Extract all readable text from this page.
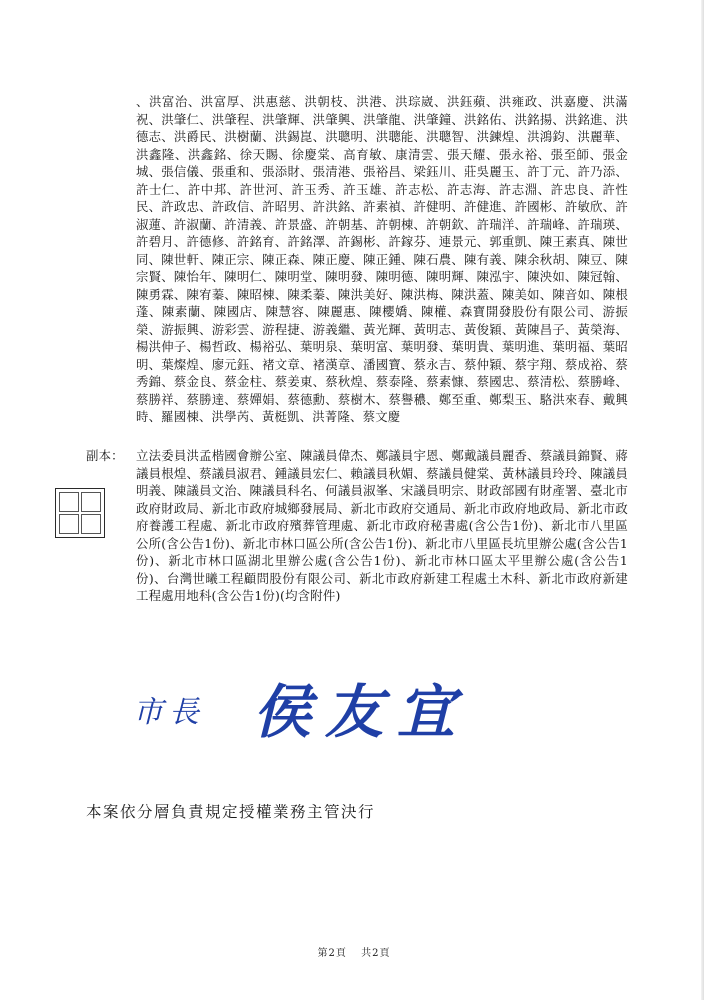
、洪富治、洪富厚、洪惠慈、洪朝枝、洪港、洪琮崴、洪鈺蘋、洪雍政、洪嘉慶、洪滿祝、洪肇仁、洪肇程、洪肇輝、洪肇興、洪肇龍、洪肇鐘、洪銘佑、洪銘揚、洪銘進、洪德志、洪爵民、洪樹蘭、洪錫崑、洪聰明、洪聰能、洪聰智、洪鍊煌、洪鴻鈞、洪麗華、洪鑫隆、洪鑫銘、徐天賜、徐慶棠、高育敏、康清雲、張天耀、張永裕、張至師、張金城、張信儀、張重和、張添財、張清港、張裕昌、梁鈺川、莊吳麗玉、許丁元、許乃添、許士仁、許中邦、許世河、許玉秀、許玉雄、許志松、許志海、許志淵、許忠良、許性民、許政忠、許政信、許昭男、許洪銘、許素禎、許健明、許健進、許國彬、許敏欣、許淑蓮、許淑蘭、許清義、許景盛、許朝基、許朝棟、許朝欽、許瑞洋、許瑞峰、許瑞瑛、許碧月、許德修、許銘育、許銘澤、許錫彬、許鎵芬、連景元、郭重凱、陳王素真、陳世同、陳世軒、陳正宗、陳正森、陳正慶、陳正鍾、陳石農、陳有義、陳余秋胡、陳豆、陳宗賢、陳怡年、陳明仁、陳明堂、陳明發、陳明德、陳明輝、陳泓宇、陳泱如、陳冠翰、陳勇霖、陳宥蓁、陳昭棟、陳柔蓁、陳洪美好、陳洪梅、陳洪蓋、陳美如、陳音如、陳根蓬、陳素蘭、陳國店、陳慧容、陳麗惠、陳櫻嬌、陳權、森寶開發股份有限公司、游振榮、游振興、游彩雲、游程捷、游義繼、黃光輝、黃明志、黃俊穎、黃陳昌子、黃榮海、楊洪伸子、楊哲政、楊裕弘、葉明泉、葉明富、葉明發、葉明貴、葉明進、葉明福、葉昭明、葉燦煌、廖元鈺、褚文章、褚漢章、潘國寶、蔡永吉、蔡仲穎、蔡宇翔、蔡成裕、蔡秀錦、蔡金良、蔡金柱、蔡姜東、蔡秋煌、蔡泰隆、蔡素慷、蔡國忠、蔡清松、蔡勝峰、蔡勝祥、蔡勝達、蔡嬋娟、蔡德勳、蔡樹木、蔡譽穠、鄭至重、鄭梨玉、駱洪來春、戴興時、羅國棟、洪學芮、黃梃凱、洪菁隆、蔡文慶
副本： 立法委員洪孟楷國會辦公室、陳議員偉杰、鄭議員宇恩、鄭戴議員麗香、蔡議員錦賢、蔣議員根煌、蔡議員淑君、鍾議員宏仁、賴議員秋媚、蔡議員健棠、黃林議員玲玲、陳議員明義、陳議員文治、陳議員科名、何議員淑峯、宋議員明宗、財政部國有財產署、臺北市政府財政局、新北市政府城鄉發展局、新北市政府交通局、新北市政府地政局、新北市政府養護工程處、新北市政府殯葬管理處、新北市政府秘書處(含公告1份)、新北市八里區公所(含公告1份)、新北市林口區公所(含公告1份)、新北市八里區長坑里辦公處(含公告1份)、新北市林口區湖北里辦公處(含公告1份)、新北市林口區太平里辦公處(含公告1份)、台灣世曦工程顧問股份有限公司、新北市政府新建工程處土木科、新北市政府新建工程處用地科(含公告1份)(均含附件)
市長 侯友宜
本案依分層負責規定授權業務主管決行
第2頁 共2頁
